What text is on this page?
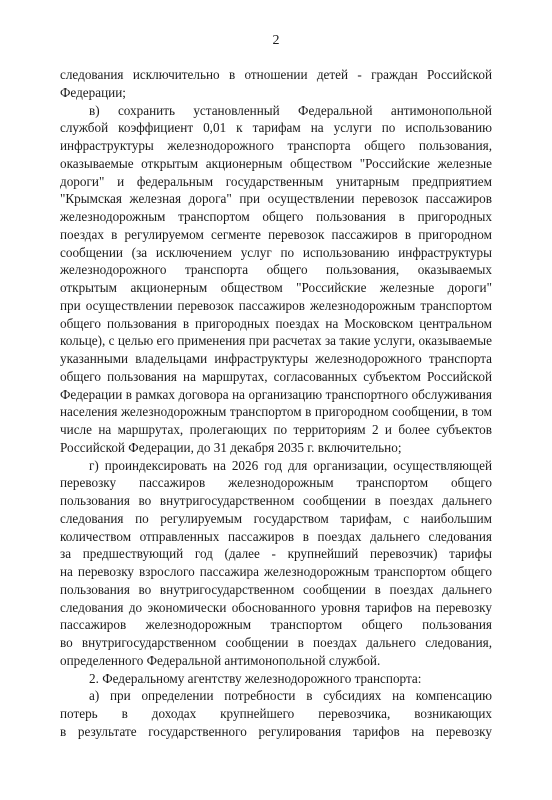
2
следования исключительно в отношении детей - граждан Российской
Федерации;
в) сохранить установленный Федеральной антимонопольной
службой коэффициент 0,01 к тарифам на услуги по использованию
инфраструктуры железнодорожного транспорта общего пользования,
оказываемые открытым акционерным обществом "Российские железные
дороги" и федеральным государственным унитарным предприятием
"Крымская железная дорога" при осуществлении перевозок пассажиров
железнодорожным транспортом общего пользования в пригородных
поездах в регулируемом сегменте перевозок пассажиров в пригородном
сообщении (за исключением услуг по использованию инфраструктуры
железнодорожного транспорта общего пользования, оказываемых
открытым акционерным обществом "Российские железные дороги"
при осуществлении перевозок пассажиров железнодорожным транспортом
общего пользования в пригородных поездах на Московском центральном
кольце), с целью его применения при расчетах за такие услуги, оказываемые
указанными владельцами инфраструктуры железнодорожного транспорта
общего пользования на маршрутах, согласованных субъектом Российской
Федерации в рамках договора на организацию транспортного обслуживания
населения железнодорожным транспортом в пригородном сообщении, в том
числе на маршрутах, пролегающих по территориям 2 и более субъектов
Российской Федерации, до 31 декабря 2035 г. включительно;
г) проиндексировать на 2026 год для организации, осуществляющей
перевозку пассажиров железнодорожным транспортом общего
пользования во внутригосударственном сообщении в поездах дальнего
следования по регулируемым государством тарифам, с наибольшим
количеством отправленных пассажиров в поездах дальнего следования
за предшествующий год (далее - крупнейший перевозчик) тарифы
на перевозку взрослого пассажира железнодорожным транспортом общего
пользования во внутригосударственном сообщении в поездах дальнего
следования до экономически обоснованного уровня тарифов на перевозку
пассажиров железнодорожным транспортом общего пользования
во внутригосударственном сообщении в поездах дальнего следования,
определенного Федеральной антимонопольной службой.
2. Федеральному агентству железнодорожного транспорта:
а) при определении потребности в субсидиях на компенсацию
потерь в доходах крупнейшего перевозчика, возникающих
в результате государственного регулирования тарифов на перевозку
